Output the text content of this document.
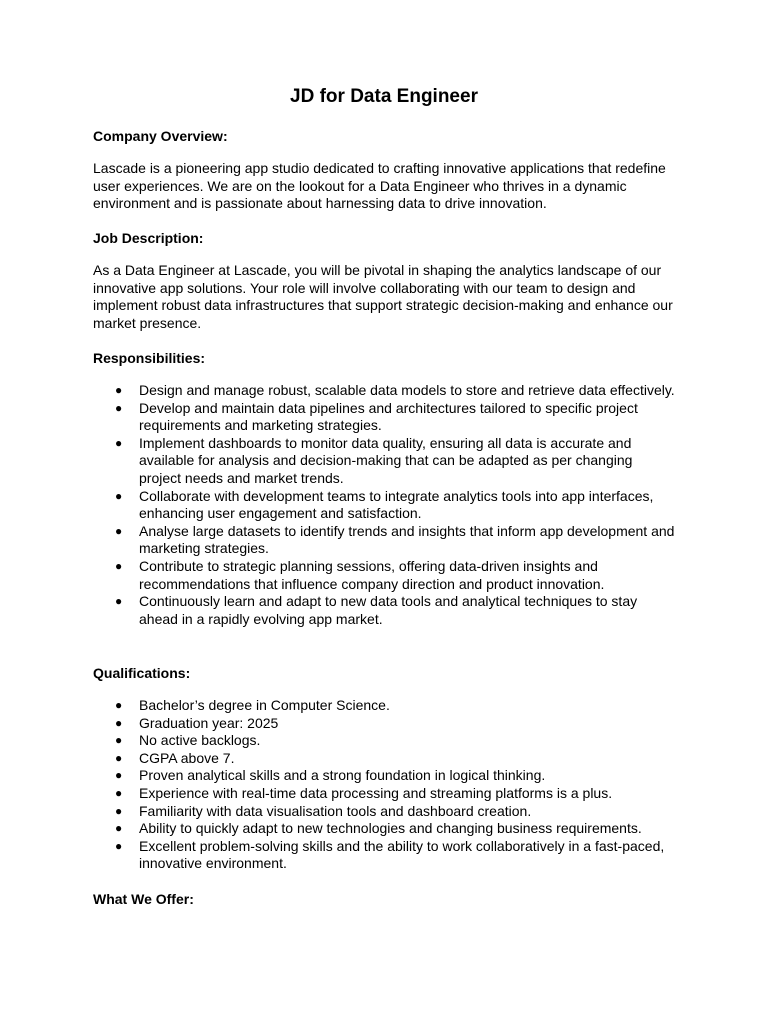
JD for Data Engineer

Company Overview:

Lascade is a pioneering app studio dedicated to crafting innovative applications that redefine user experiences. We are on the lookout for a Data Engineer who thrives in a dynamic environment and is passionate about harnessing data to drive innovation.

Job Description:

As a Data Engineer at Lascade, you will be pivotal in shaping the analytics landscape of our innovative app solutions. Your role will involve collaborating with our team to design and implement robust data infrastructures that support strategic decision-making and enhance our market presence.

Responsibilities:

● Design and manage robust, scalable data models to store and retrieve data effectively.
● Develop and maintain data pipelines and architectures tailored to specific project requirements and marketing strategies.
● Implement dashboards to monitor data quality, ensuring all data is accurate and available for analysis and decision-making that can be adapted as per changing project needs and market trends.
● Collaborate with development teams to integrate analytics tools into app interfaces, enhancing user engagement and satisfaction.
● Analyse large datasets to identify trends and insights that inform app development and marketing strategies.
● Contribute to strategic planning sessions, offering data-driven insights and recommendations that influence company direction and product innovation.
● Continuously learn and adapt to new data tools and analytical techniques to stay ahead in a rapidly evolving app market.

Qualifications:

● Bachelor’s degree in Computer Science.
● Graduation year: 2025
● No active backlogs.
● CGPA above 7.
● Proven analytical skills and a strong foundation in logical thinking.
● Experience with real-time data processing and streaming platforms is a plus.
● Familiarity with data visualisation tools and dashboard creation.
● Ability to quickly adapt to new technologies and changing business requirements.
● Excellent problem-solving skills and the ability to work collaboratively in a fast-paced, innovative environment.

What We Offer:
